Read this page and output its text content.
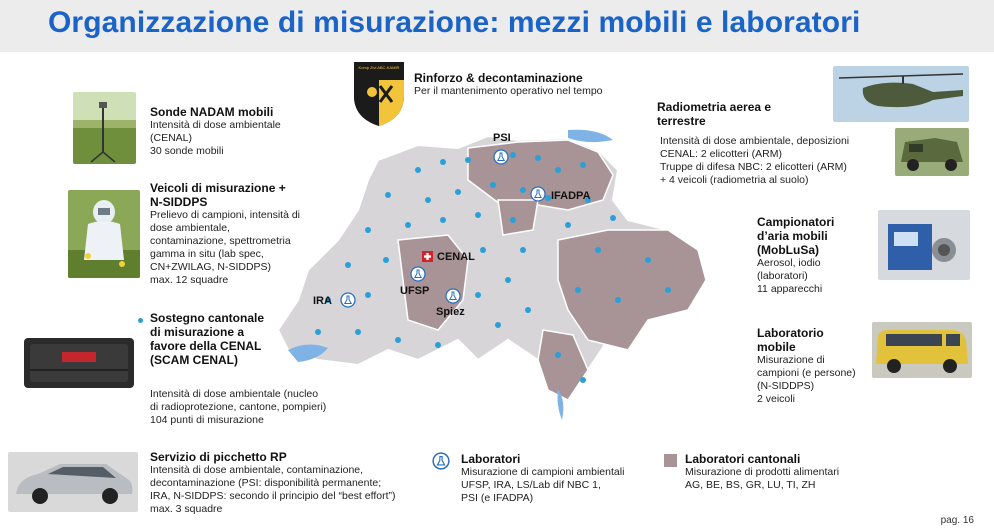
Organizzazione di misurazione: mezzi mobili e laboratori
Komp Zivi ABC-KAMIR
Rinforzo & decontaminazione
Per il mantenimento operativo nel tempo
Sonde NADAM mobili
Intensità di dose ambientale
(CENAL)
30 sonde mobili
Veicoli di misurazione +
N-SIDDPS
Prelievo di campioni, intensità di
dose ambientale,
contaminazione, spettrometria
gamma in situ (lab spec,
CN+ZWILAG, N-SIDDPS)
max. 12 squadre
Sostegno cantonale
di misurazione a
favore della CENAL
(SCAM CENAL)
Intensità di dose ambientale (nucleo
di radioprotezione, cantone, pompieri)
104 punti di misurazione
Servizio di picchetto RP
Intensità di dose ambientale, contaminazione,
decontaminazione (PSI: disponibilità permanente;
IRA, N-SIDDPS: secondo il principio del “best effort”)
max. 3 squadre
PSI
IFADPA
CENAL
UFSP
IRA
Spiez
Radiometria aerea e
terrestre
Intensità di dose ambientale, deposizioni
CENAL: 2 elicotteri (ARM)
Truppe di difesa NBC: 2 elicotteri (ARM)
+ 4 veicoli (radiometria al suolo)
Campionatori
d’aria mobili
(MobLuSa)
Aerosol, iodio
(laboratori)
11 apparecchi
Laboratorio
mobile
Misurazione di
campioni (e persone)
(N-SIDDPS)
2 veicoli
Laboratori
Misurazione di campioni ambientali
UFSP, IRA, LS/Lab dif NBC 1,
PSI (e IFADPA)
Laboratori cantonali
Misurazione di prodotti alimentari
AG, BE, BS, GR, LU, TI, ZH
pag. 16
